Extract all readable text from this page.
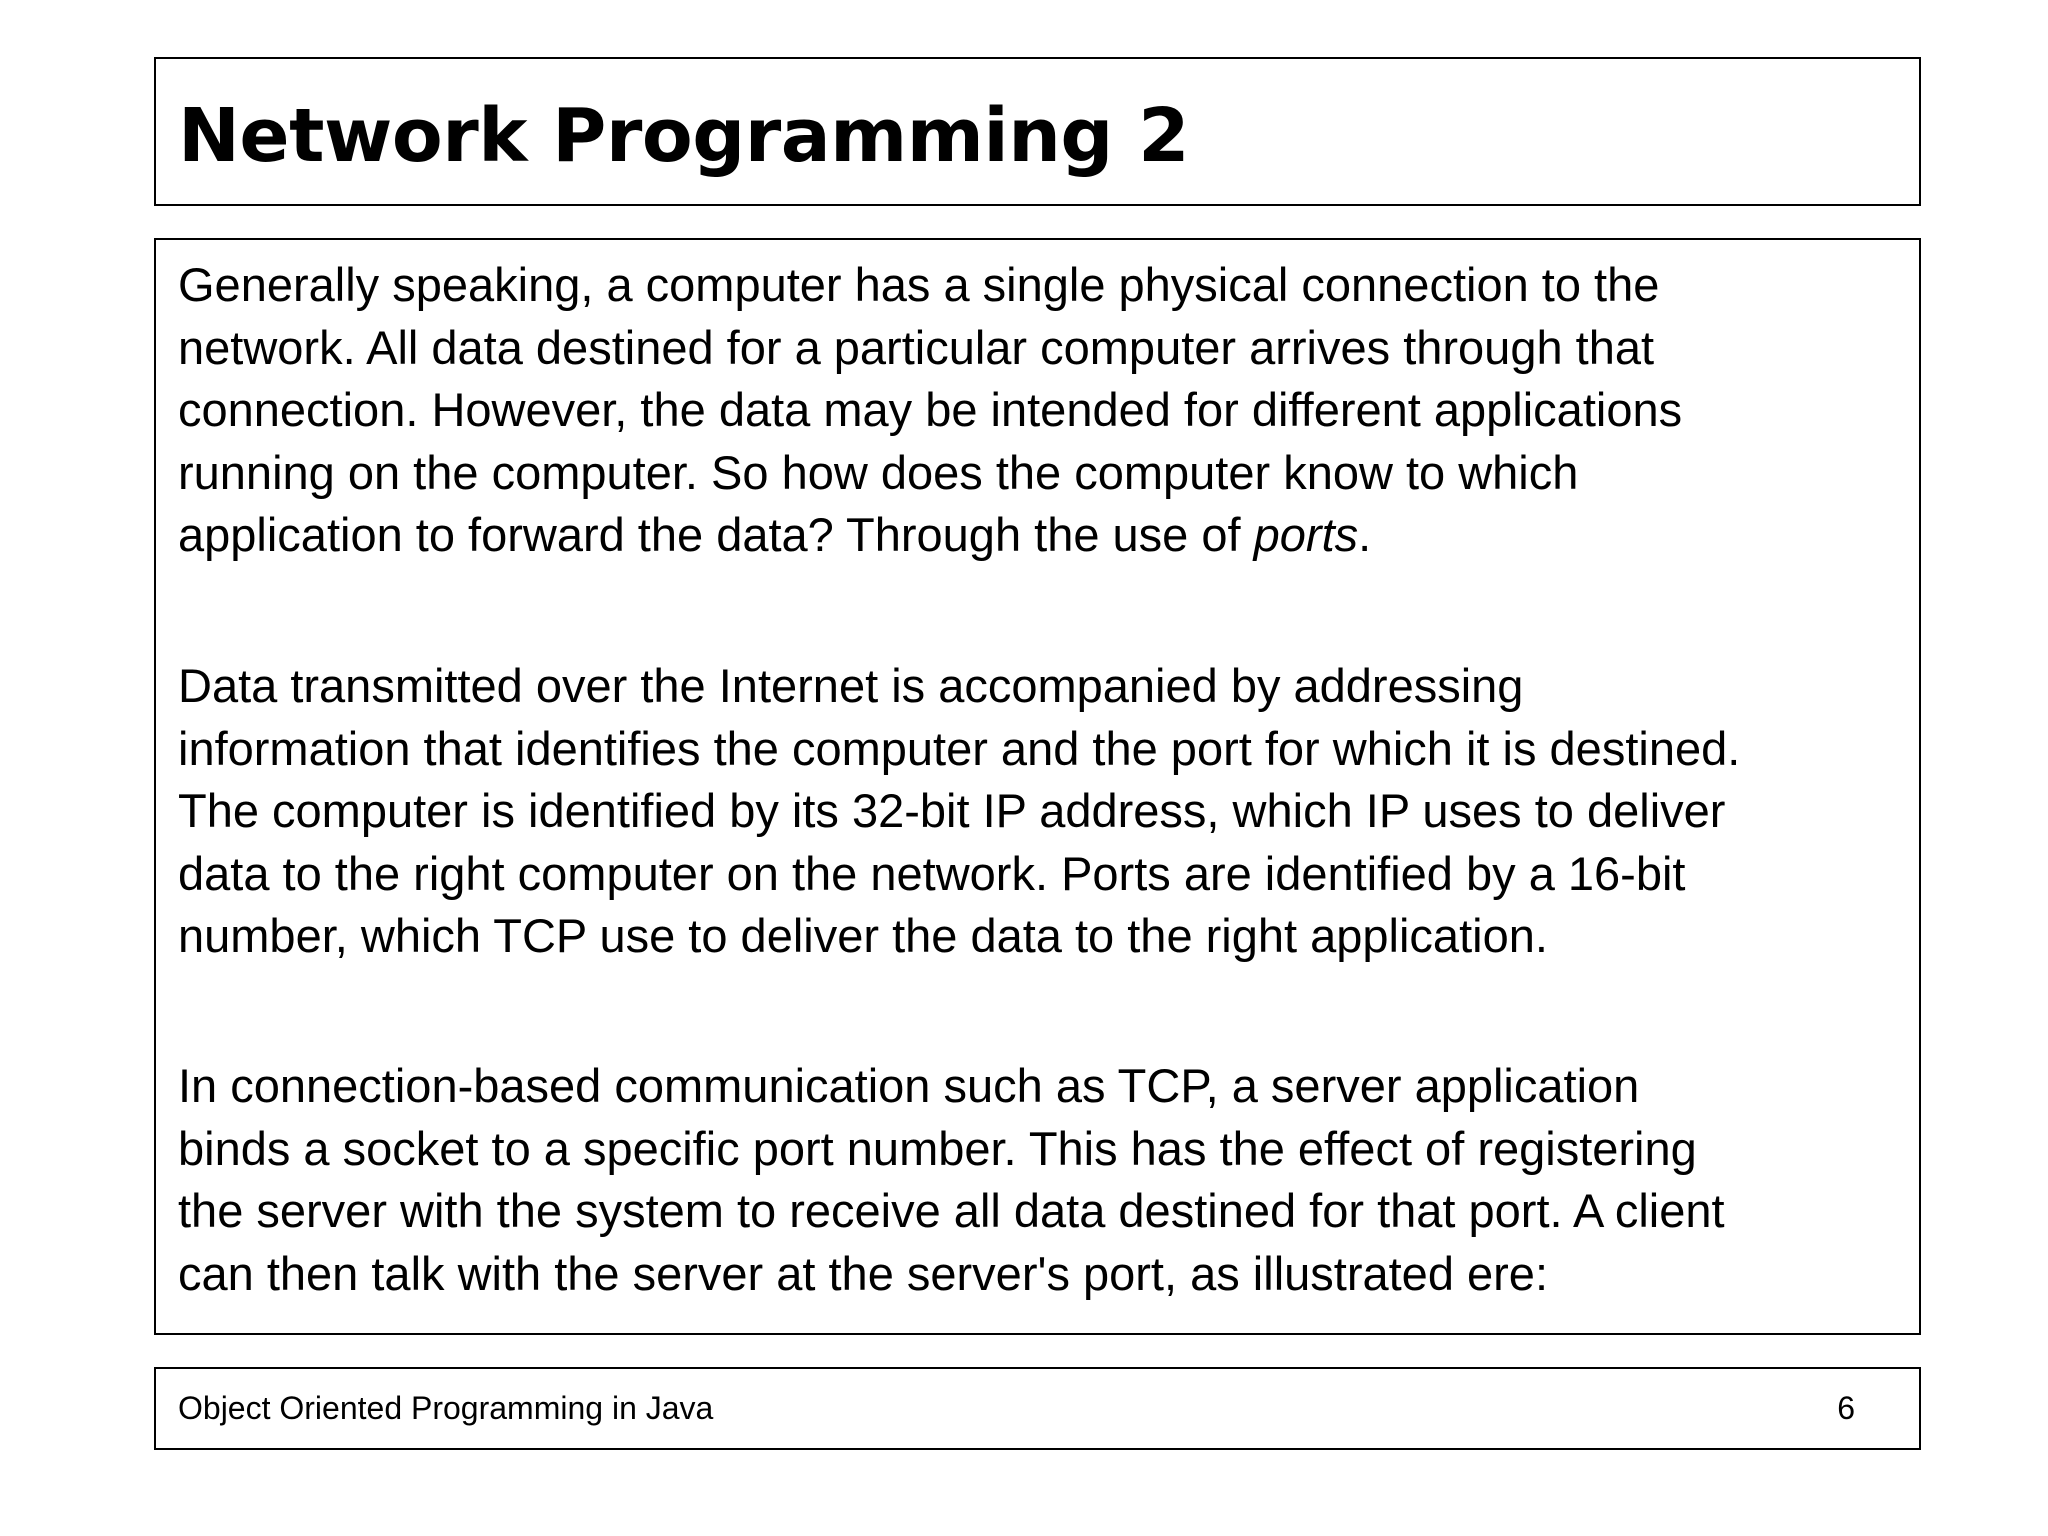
Network Programming 2

Generally speaking, a computer has a single physical connection to the
network. All data destined for a particular computer arrives through that
connection. However, the data may be intended for different applications
running on the computer. So how does the computer know to which
application to forward the data? Through the use of ports.

Data transmitted over the Internet is accompanied by addressing
information that identifies the computer and the port for which it is destined.
The computer is identified by its 32-bit IP address, which IP uses to deliver
data to the right computer on the network. Ports are identified by a 16-bit
number, which TCP use to deliver the data to the right application.

In connection-based communication such as TCP, a server application
binds a socket to a specific port number. This has the effect of registering
the server with the system to receive all data destined for that port. A client
can then talk with the server at the server's port, as illustrated ere:

Object Oriented Programming in Java	6
